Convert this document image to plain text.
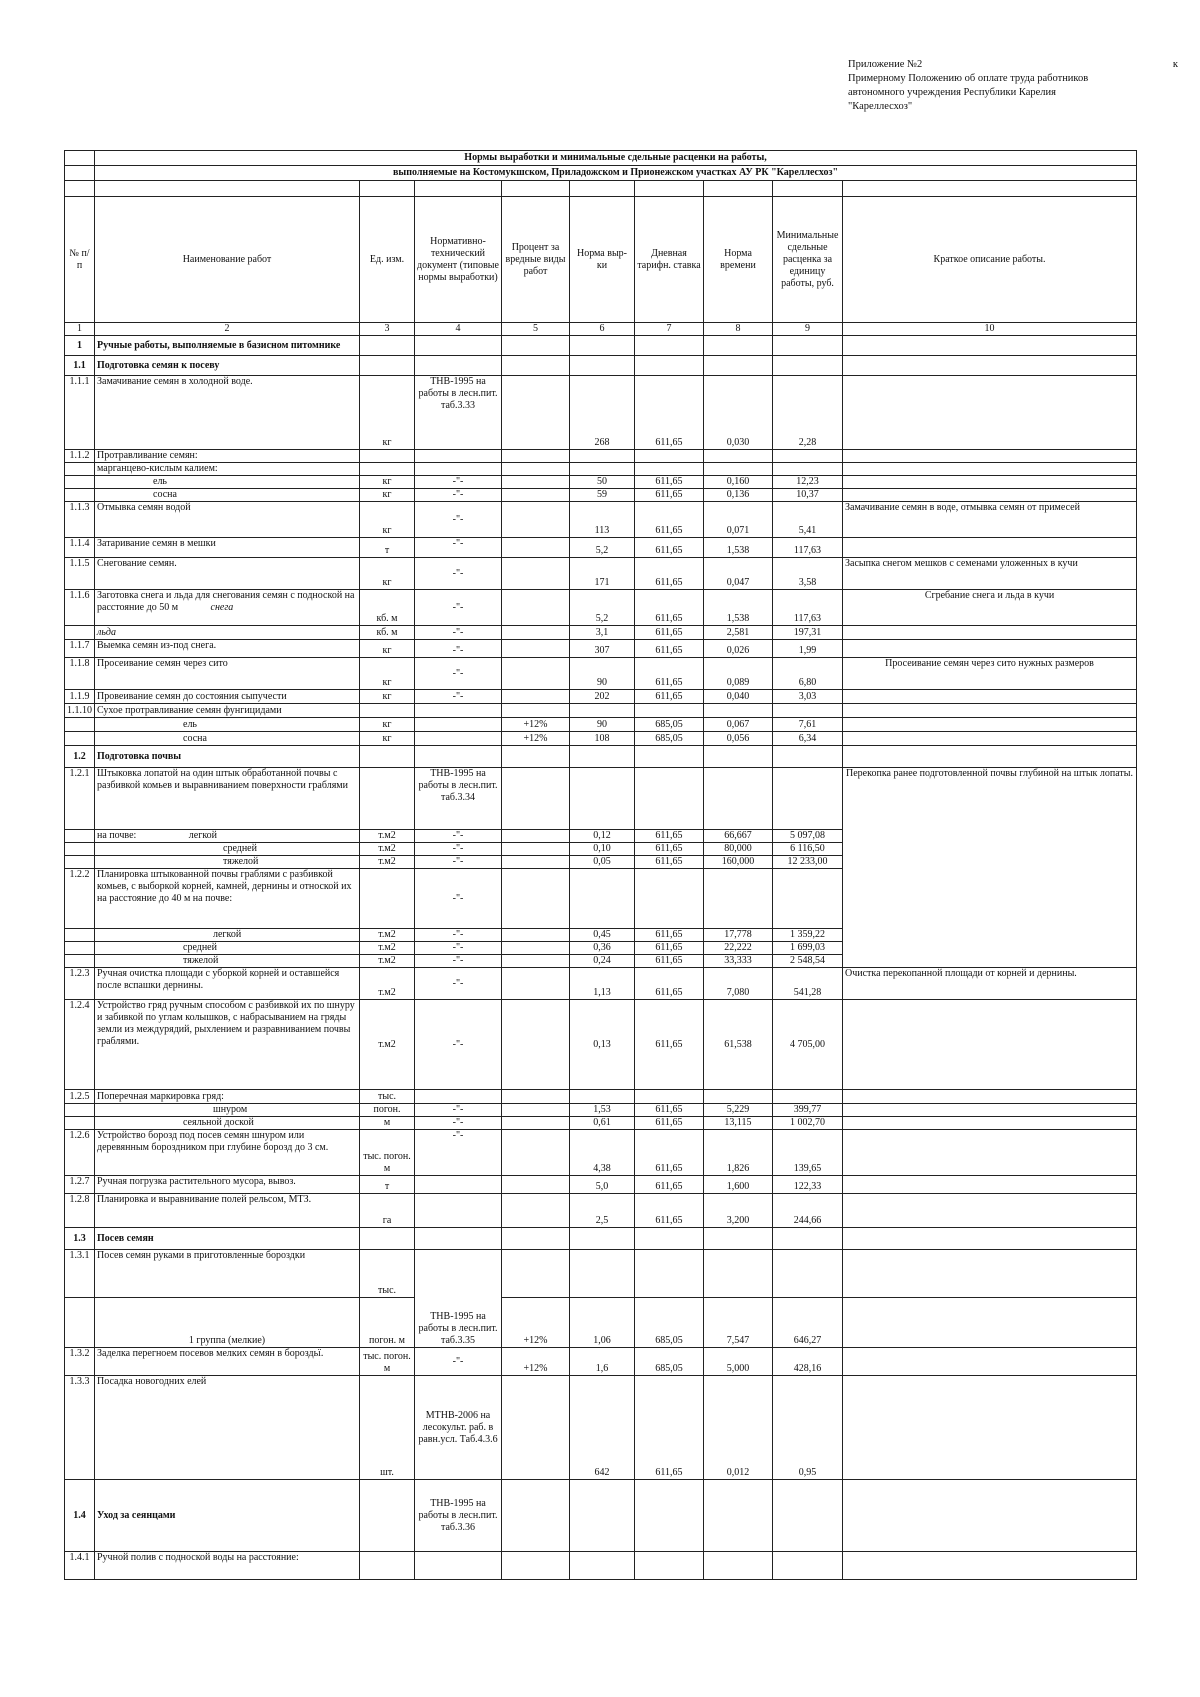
Приложение №2	к
Примерному Положению об оплате труда работников
автономного учреждения Республики Карелия
"Кареллесхоз"
	Нормы выработки и минимальные сдельные расценки на работы,								
	выполняемые на Костомукшском, Приладожском и Прионежском участках АУ РК "Кареллесхоз"								

№ п/п	Наименование работ	Ед. изм.	Нормативно-технический документ (типовые нормы выработки)	Процент за вредные виды работ	Норма выр-ки	Дневная тарифн. ставка	Норма времени	Минимальные сдельные расценка за единицу работы, руб.	Краткое описание работы.
1	2	3	4	5	6	7	8	9	10
1	Ручные работы, выполняемые в базисном питомнике								
1.1	Подготовка семян к посеву								
1.1.1	Замачивание семян в холодной воде.	кг	ТНВ-1995 на работы в лесн.пит. таб.3.33		268	611,65	0,030	2,28	
1.1.2	Протравливание семян:								
	марганцево-кислым калием:								
	ель	кг	-"-		50	611,65	0,160	12,23	
	сосна	кг	-"-		59	611,65	0,136	10,37	
1.1.3	Отмывка семян водой	кг	-"-		113	611,65	0,071	5,41	Замачивание семян в воде, отмывка семян от примесей
1.1.4	Затаривание семян в мешки	т	-"-		5,2	611,65	1,538	117,63	
1.1.5	Снегование семян.	кг	-"-		171	611,65	0,047	3,58	Засыпка снегом мешков с семенами уложенных в кучи
1.1.6	Заготовка снега и льда для снегования семян с подноской на расстояние до 50 м снега	кб. м	-"-		5,2	611,65	1,538	117,63	Сгребание снега и льда в кучи
	льда	кб. м	-"-		3,1	611,65	2,581	197,31	
1.1.7	Выемка семян из-под снега.	кг	-"-		307	611,65	0,026	1,99	
1.1.8	Просеивание семян через сито	кг	-"-		90	611,65	0,089	6,80	Просеивание семян через сито нужных размеров
1.1.9	Провеивание семян до состояния сыпучести	кг	-"-		202	611,65	0,040	3,03	
1.1.10	Сухое протравливание семян фунгицидами								
	ель	кг		+12%	90	685,05	0,067	7,61	
	сосна	кг		+12%	108	685,05	0,056	6,34	
1.2	Подготовка почвы								
1.2.1	Штыковка лопатой на один штык обработанной почвы с разбивкой комьев и выравниванием поверхности граблями		ТНВ-1995 на работы в лесн.пит. таб.3.34						Перекопка ранее подготовленной почвы глубиной на штык лопаты.
	на почве: легкой	т.м2	-"-		0,12	611,65	66,667	5 097,08	
	средней	т.м2	-"-		0,10	611,65	80,000	6 116,50	
	тяжелой	т.м2	-"-		0,05	611,65	160,000	12 233,00	
1.2.2	Планировка штыкованной почвы граблями с разбивкой комьев, с выборкой корней, камней, дернины и отноской их на расстояние до 40 м на почве:		-"-						
	легкой	т.м2	-"-		0,45	611,65	17,778	1 359,22	
	средней	т.м2	-"-		0,36	611,65	22,222	1 699,03	
	тяжелой	т.м2	-"-		0,24	611,65	33,333	2 548,54	
1.2.3	Ручная очистка площади с уборкой корней и оставшейся после вспашки дернины.	т.м2	-"-		1,13	611,65	7,080	541,28	Очистка перекопанной площади от корней и дернины.
1.2.4	Устройство гряд ручным способом с разбивкой их по шнуру и забивкой по углам колышков, с набрасыванием на гряды земли из междурядий, рыхлением и разравниванием почвы граблями.	т.м2	-"-		0,13	611,65	61,538	4 705,00	
1.2.5	Поперечная маркировка гряд:	тыс.							
	шнуром	погон.	-"-		1,53	611,65	5,229	399,77	
	сеяльной доской	м	-"-		0,61	611,65	13,115	1 002,70	
1.2.6	Устройство борозд под посев семян шнуром или деревянным бороздником при глубине борозд до 3 см.	тыс. погон. м	-"-		4,38	611,65	1,826	139,65	
1.2.7	Ручная погрузка растительного мусора, вывоз.	т			5,0	611,65	1,600	122,33	
1.2.8	Планировка и выравнивание полей рельсом, МТЗ.	га			2,5	611,65	3,200	244,66	
1.3	Посев семян								
1.3.1	Посев семян руками в приготовленные бороздки	тыс.	ТНВ-1995 на работы в лесн.пит. таб.3.35						
	1 группа (мелкие)	погон. м		+12%	1,06	685,05	7,547	646,27	
1.3.2	Заделка перегноем посевов мелких семян в бороздьї.	тыс. погон. м	-"-	+12%	1,6	685,05	5,000	428,16	
1.3.3	Посадка новогодних елей	шт.	МТНВ-2006 на лесокульт. раб. в равн.усл. Таб.4.3.6		642	611,65	0,012	0,95	
1.4	Уход за сеянцами		ТНВ-1995 на работы в лесн.пит. таб.3.36						
1.4.1	Ручной полив с подноской воды на расстояние:								
